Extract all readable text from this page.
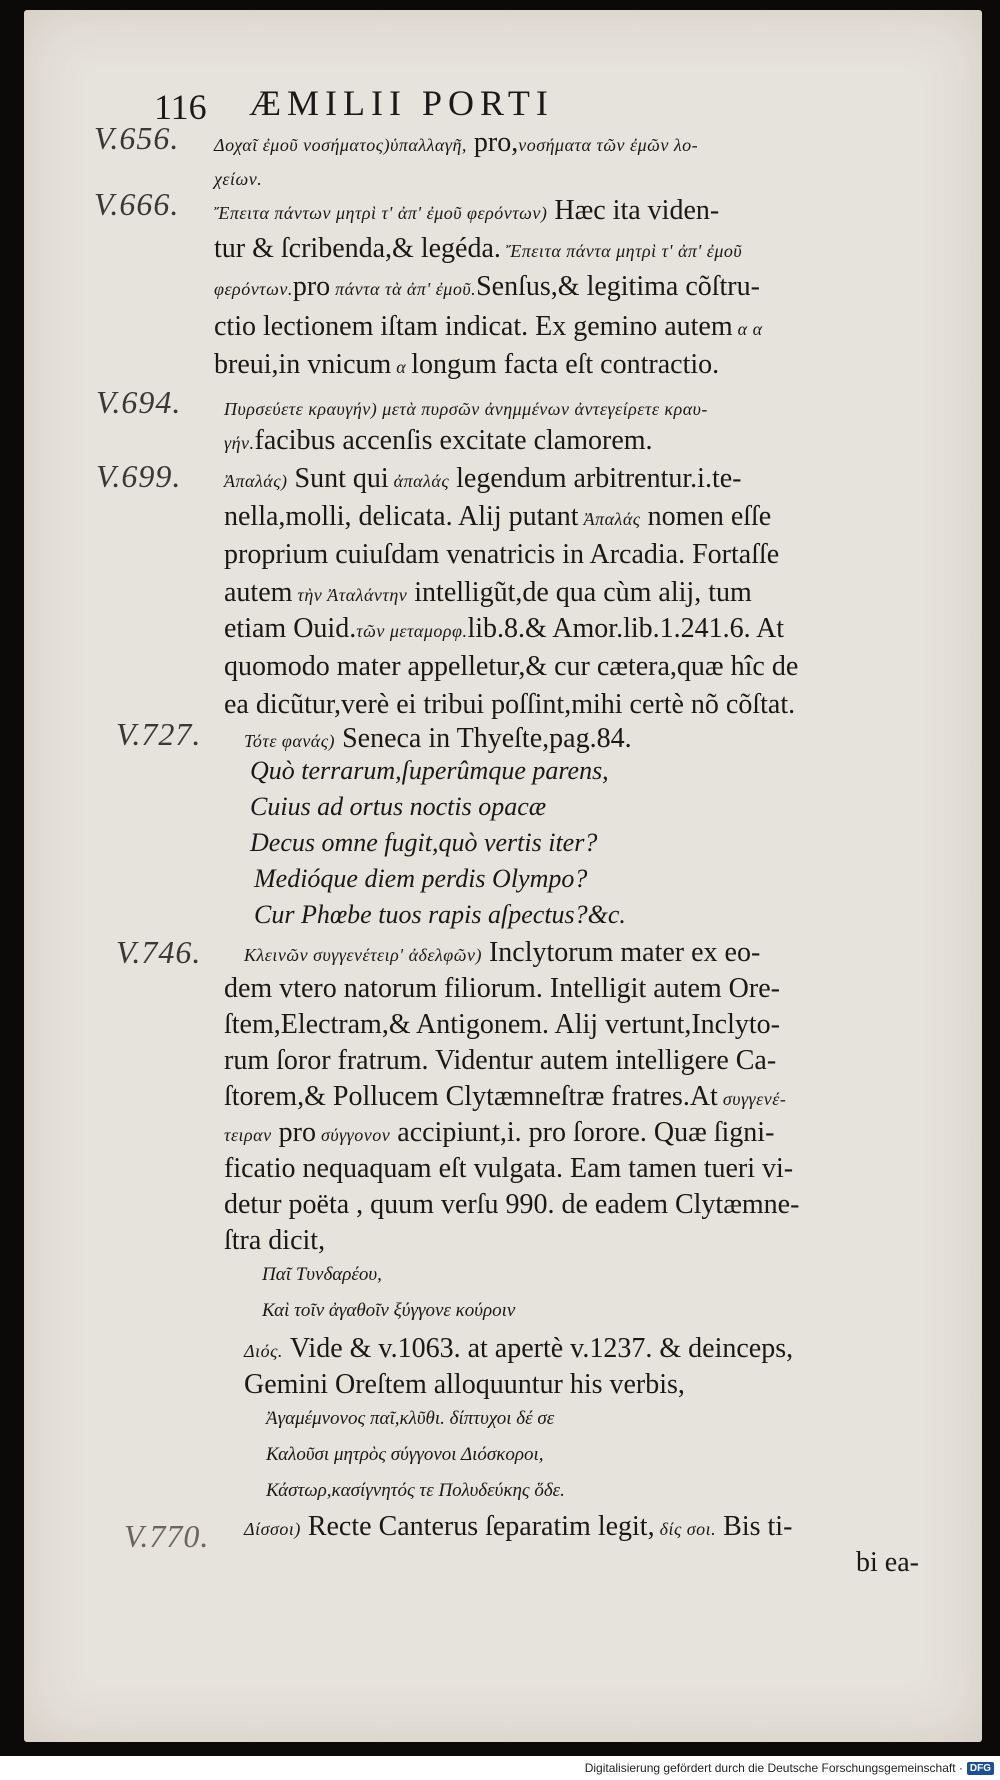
116 ÆMILII PORTI
V.656. Δοχαῖ ἐμοῦ νοσήματος)ὑπαλλαγῆ, pro,νοσήματα τῶν ἐμῶν λο-
χείων.
V.666. Ἔπειτα πάντων μητρὶ τ' ἀπ' ἐμοῦ φερόντων) Hæc ita viden-
tur & ſcribenda,& legéda. Ἔπειτα πάντα μητρὶ τ' ἀπ' ἐμοῦ
φερόντων.pro πάντα τὰ ἀπ' ἐμοῦ.Senſus,& legitima cõſtru-
ctio lectionem iſtam indicat. Ex gemino autem α α
breui,in vnicum α longum facta eſt contractio.
V.694. Πυρσεύετε κραυγήν) μετὰ πυρσῶν ἀνημμένων ἀντεγείρετε κραυ-
γήν.facibus accenſis excitate clamorem.
V.699. Ἀπαλάς) Sunt qui ἀπαλάς legendum arbitrentur.i.te-
nella,molli, delicata. Alij putant Ἀπαλάς nomen eſſe
proprium cuiuſdam venatricis in Arcadia. Fortaſſe
autem τὴν Ἀταλάντην intelligũt,de qua cùm alij, tum
etiam Ouid.τῶν μεταμορφ.lib.8.& Amor.lib.1.241.6. At
quomodo mater appelletur,& cur cætera,quæ hîc de
ea dicũtur,verè ei tribui poſſint,mihi certè nõ cõſtat.
V.727. Τότε φανάς) Seneca in Thyeſte,pag.84.
Quò terrarum,ſuperûmque parens,
Cuius ad ortus noctis opacæ
Decus omne fugit,quò vertis iter?
Medióque diem perdis Olympo?
Cur Phœbe tuos rapis aſpectus?&c.
V.746. Κλεινῶν συγγενέτειρ' ἀδελφῶν) Inclytorum mater ex eo-
dem vtero natorum filiorum. Intelligit autem Ore-
ſtem,Electram,& Antigonem. Alij vertunt,Inclyto-
rum ſoror fratrum. Videntur autem intelligere Ca-
ſtorem,& Pollucem Clytæmneſtræ fratres.At συγγενέ-
τειραν pro σύγγονον accipiunt,i. pro ſorore. Quæ ſigni-
ficatio nequaquam eſt vulgata. Eam tamen tueri vi-
detur poëta , quum verſu 990. de eadem Clytæmne-
ſtra dicit,
Παῖ Τυνδαρέου,
Καὶ τοῖν ἀγαθοῖν ξύγγονε κούροιν
Διός. Vide & v.1063. at apertè v.1237. & deinceps,
Gemini Oreſtem alloquuntur his verbis,
Ἀγαμέμνονος παῖ,κλῦθι. δίπτυχοι δέ σε
Καλοῦσι μητρὸς σύγγονοι Διόσκοροι,
Κάστωρ,κασίγνητός τε Πολυδεύκης ὅδε.
V.770. Δίσσοι) Recte Canterus ſeparatim legit, δίς σοι. Bis ti-
bi ea-
Digitalisierung gefördert durch die Deutsche Forschungsgemeinschaft · DFG
